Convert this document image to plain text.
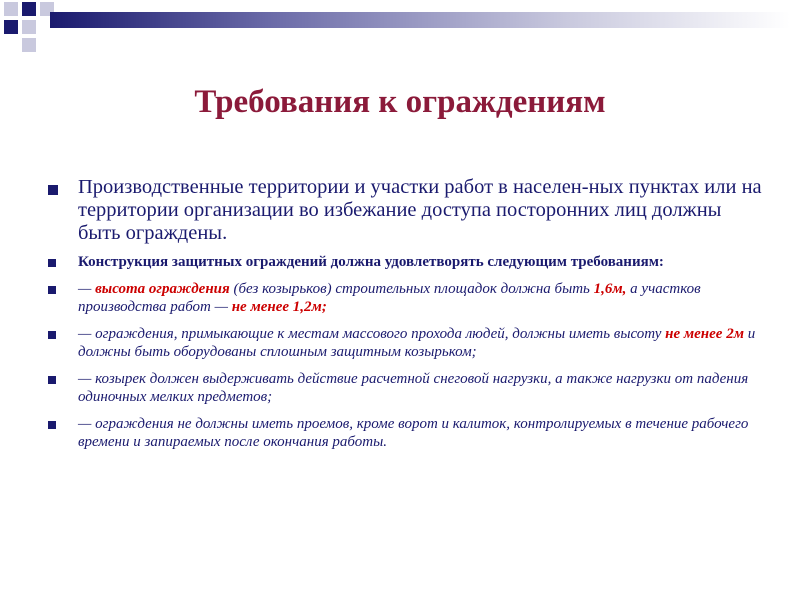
Требования к ограждениям
Производственные территории и участки работ в населен-ных пунктах или на территории организации во избежание доступа посторонних лиц должны быть ограждены.
Конструкция защитных ограждений должна удовлетворять следующим требованиям:
— высота ограждения (без козырьков) строительных площадок должна быть 1,6м, а участков производства работ — не менее 1,2м;
— ограждения, примыкающие к местам массового прохода людей, должны иметь высоту не менее 2м и должны быть оборудованы сплошным защитным козырьком;
— козырек должен выдерживать действие расчетной снеговой нагрузки, а также нагрузки от падения одиночных мелких предметов;
— ограждения не должны иметь проемов, кроме ворот и калиток, контролируемых в течение рабочего времени и запираемых после окончания работы.
